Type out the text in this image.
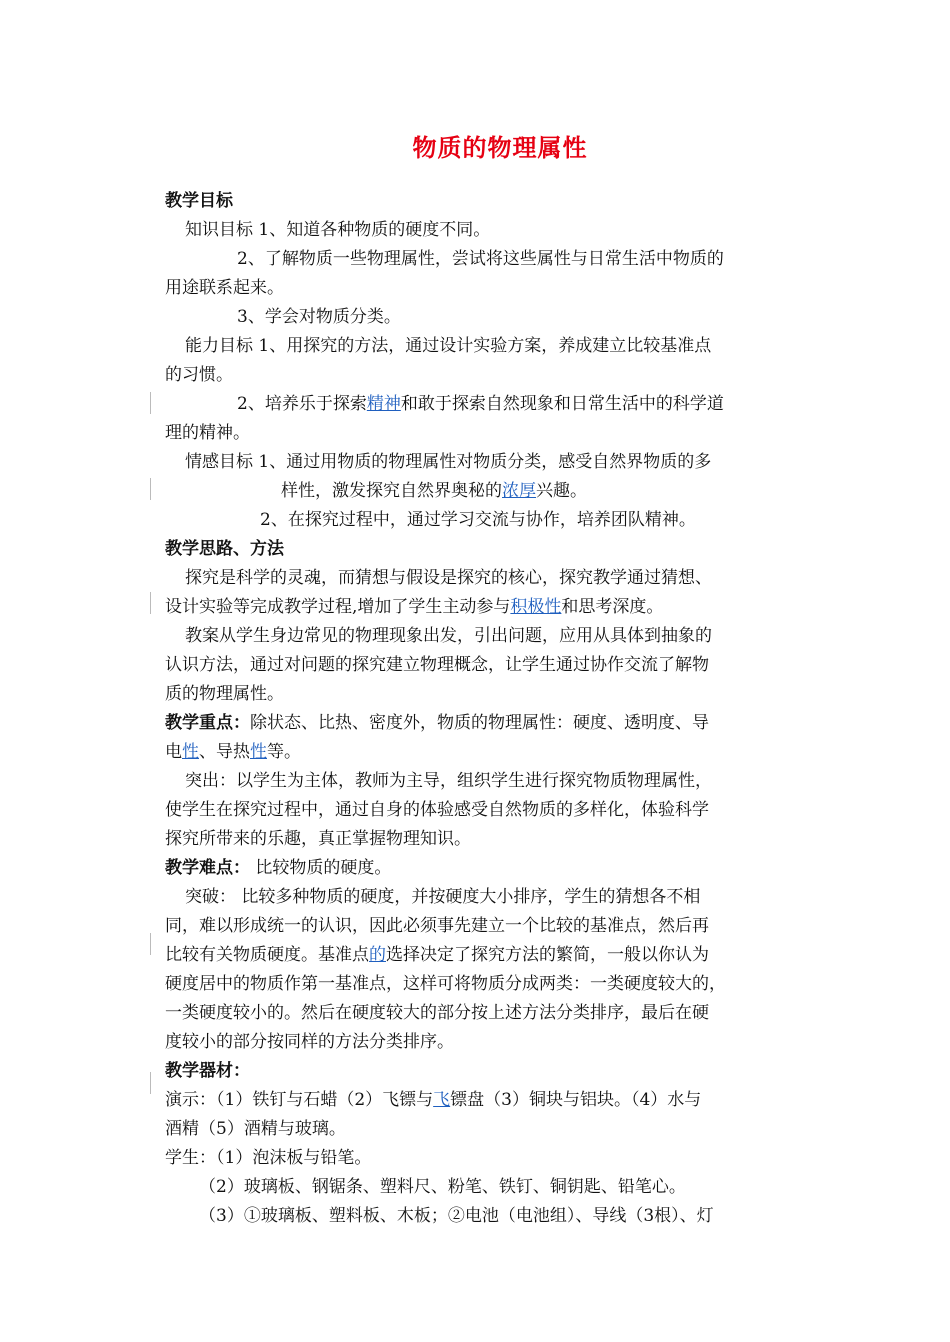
物质的物理属性

教学目标

知识目标 1、知道各种物质的硬度不同。

2、了解物质一些物理属性，尝试将这些属性与日常生活中物质的

用途联系起来。

3、学会对物质分类。

能力目标 1、用探究的方法，通过设计实验方案，养成建立比较基准点

的习惯。

2、培养乐于探索精神和敢于探索自然现象和日常生活中的科学道

理的精神。

情感目标 1、通过用物质的物理属性对物质分类，感受自然界物质的多

样性，激发探究自然界奥秘的浓厚兴趣。

2、在探究过程中，通过学习交流与协作，培养团队精神。

教学思路、方法

探究是科学的灵魂，而猜想与假设是探究的核心，探究教学通过猜想、

设计实验等完成教学过程,增加了学生主动参与积极性和思考深度。

教案从学生身边常见的物理现象出发，引出问题，应用从具体到抽象的

认识方法，通过对问题的探究建立物理概念，让学生通过协作交流了解物

质的物理属性。

教学重点：除状态、比热、密度外，物质的物理属性：硬度、透明度、导

电性、导热性等。

突出：以学生为主体，教师为主导，组织学生进行探究物质物理属性，

使学生在探究过程中，通过自身的体验感受自然物质的多样化，体验科学

探究所带来的乐趣，真正掌握物理知识。

教学难点： 比较物质的硬度。

突破： 比较多种物质的硬度，并按硬度大小排序，学生的猜想各不相

同，难以形成统一的认识，因此必须事先建立一个比较的基准点，然后再

比较有关物质硬度。基准点的选择决定了探究方法的繁简，一般以你认为

硬度居中的物质作第一基准点，这样可将物质分成两类：一类硬度较大的，

一类硬度较小的。然后在硬度较大的部分按上述方法分类排序，最后在硬

度较小的部分按同样的方法分类排序。

教学器材：

演示：（1）铁钉与石蜡（2）飞镖与飞镖盘（3）铜块与铝块。（4）水与

酒精（5）酒精与玻璃。

学生：（1）泡沫板与铅笔。

（2）玻璃板、钢锯条、塑料尺、粉笔、铁钉、铜钥匙、铅笔心。

（3）①玻璃板、塑料板、木板；②电池（电池组）、导线（3根）、灯
